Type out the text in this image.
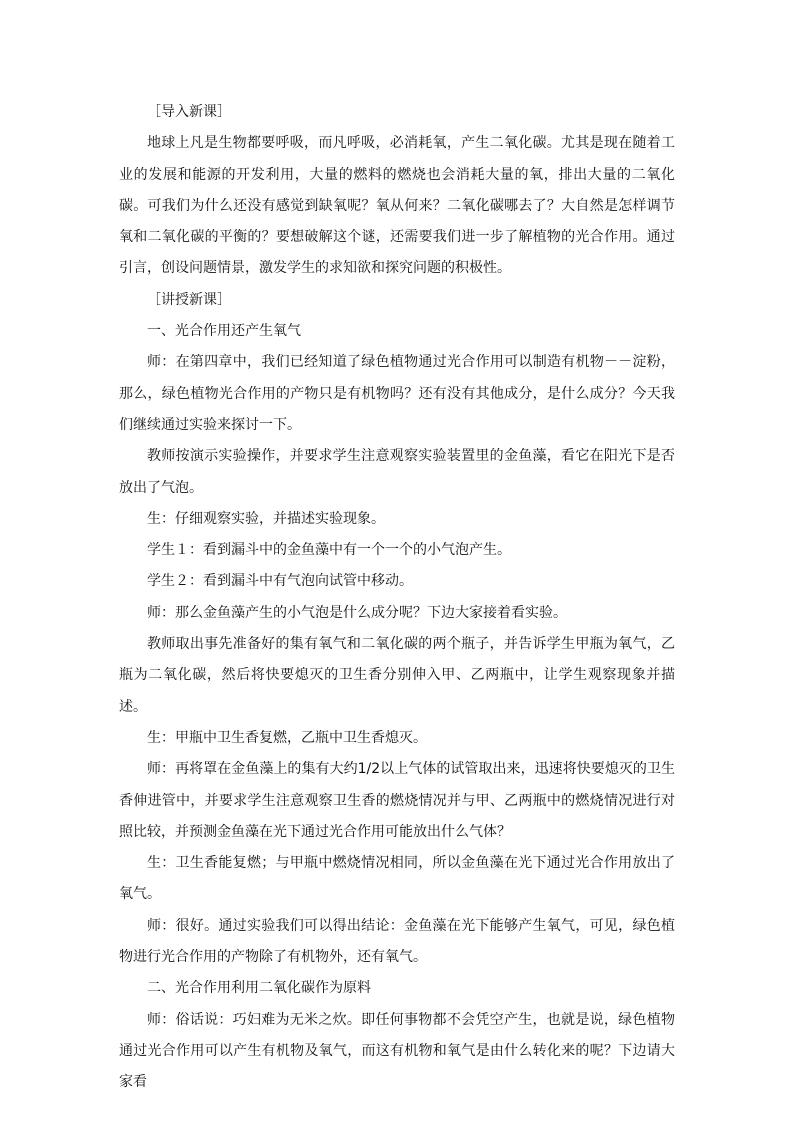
［导入新课］

地球上凡是生物都要呼吸，而凡呼吸，必消耗氧，产生二氧化碳。尤其是现在随着工业的发展和能源的开发利用，大量的燃料的燃烧也会消耗大量的氧，排出大量的二氧化碳。可我们为什么还没有感觉到缺氧呢？氧从何来？二氧化碳哪去了？大自然是怎样调节氧和二氧化碳的平衡的？要想破解这个谜，还需要我们进一步了解植物的光合作用。通过引言，创设问题情景，激发学生的求知欲和探究问题的积极性。

［讲授新课］

一、光合作用还产生氧气

师：在第四章中，我们已经知道了绿色植物通过光合作用可以制造有机物－－淀粉，那么，绿色植物光合作用的产物只是有机物吗？还有没有其他成分，是什么成分？今天我们继续通过实验来探讨一下。

教师按演示实验操作，并要求学生注意观察实验装置里的金鱼藻，看它在阳光下是否放出了气泡。

生：仔细观察实验，并描述实验现象。

学生１：看到漏斗中的金鱼藻中有一个一个的小气泡产生。

学生２：看到漏斗中有气泡向试管中移动。

师：那么金鱼藻产生的小气泡是什么成分呢？下边大家接着看实验。

教师取出事先准备好的集有氧气和二氧化碳的两个瓶子，并告诉学生甲瓶为氧气，乙瓶为二氧化碳，然后将快要熄灭的卫生香分别伸入甲、乙两瓶中，让学生观察现象并描述。

生：甲瓶中卫生香复燃，乙瓶中卫生香熄灭。

师：再将罩在金鱼藻上的集有大约1/2以上气体的试管取出来，迅速将快要熄灭的卫生香伸进管中，并要求学生注意观察卫生香的燃烧情况并与甲、乙两瓶中的燃烧情况进行对照比较，并预测金鱼藻在光下通过光合作用可能放出什么气体？

生：卫生香能复燃；与甲瓶中燃烧情况相同，所以金鱼藻在光下通过光合作用放出了氧气。

师：很好。通过实验我们可以得出结论：金鱼藻在光下能够产生氧气，可见，绿色植物进行光合作用的产物除了有机物外，还有氧气。

二、光合作用利用二氧化碳作为原料

师：俗话说：巧妇难为无米之炊。即任何事物都不会凭空产生，也就是说，绿色植物通过光合作用可以产生有机物及氧气，而这有机物和氧气是由什么转化来的呢？下边请大家看
